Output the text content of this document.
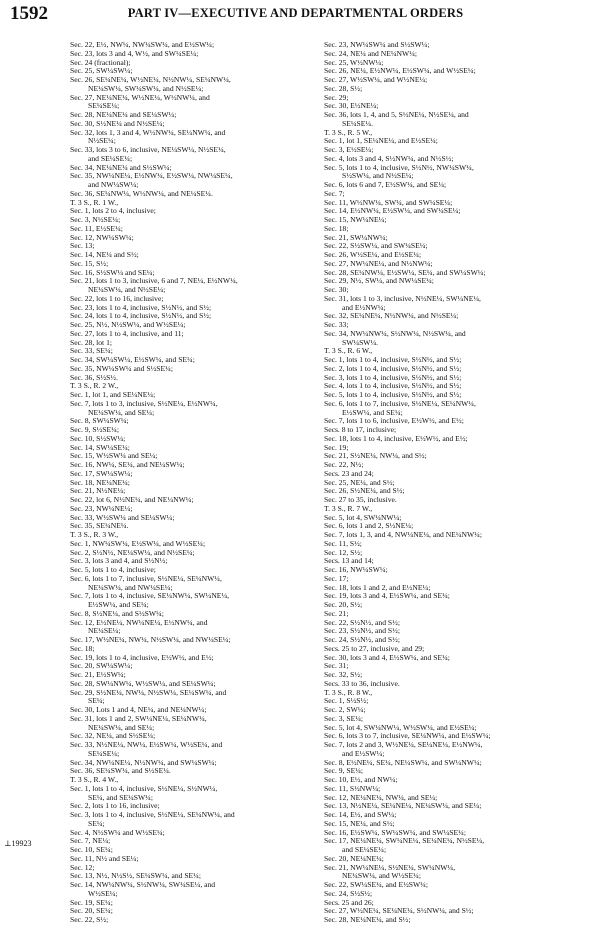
1592	PART IV—EXECUTIVE AND DEPARTMENTAL ORDERS
⊥19923
Sec. 22, E½, NW¼, NW¼SW¼, and E½SW¼;
Sec. 23, lots 3 and 4, W½, and SW¼SE¼;
Sec. 24 (fractional);
Sec. 25, SW¼SW¼;
Sec. 26, SE¼NE¼, W½NE¼, N½NW¼, SE¼NW¼,
NE¼SW¼, SW¼SW¼, and N½SE¼;
Sec. 27, NE¼NE¼, W½NE¼, W½NW¼, and
SE¼SE¼;
Sec. 28, NE¼NE¼ and SE¼SW¼;
Sec. 30, S½NE¼ and N½SE¼;
Sec. 32, lots 1, 3 and 4, W½NW¼, SE¼NW¼, and
N½SE¼;
Sec. 33, lots 3 to 6, inclusive, NE¼SW¼, N½SE¼,
and SE¼SE¼;
Sec. 34, NE¼NE¼ and S½SW¼;
Sec. 35, NW¼NE¼, E½NW¼, E½SW¼, NW¼SE¼,
and NW¼SW¼;
Sec. 36, SE¼NW¼, W½NW¼, and NE¼SE¼.
T. 3 S., R. 1 W.,
Sec. 1, lots 2 to 4, inclusive;
Sec. 3, N½SE¼;
Sec. 11, E½SE¼;
Sec. 12, NW¼SW¼;
Sec. 13;
Sec. 14, NE¼ and S½;
Sec. 15, S½;
Sec. 16, S½SW¼ and SE¼;
Sec. 21, lots 1 to 3, inclusive, 6 and 7, NE¼, E½NW¼,
NE¼SW¼, and N½SE¼;
Sec. 22, lots 1 to 16, inclusive;
Sec. 23, lots 1 to 4, inclusive, S½N½, and S½;
Sec. 24, lots 1 to 4, inclusive, S½N½, and S½;
Sec. 25, N½, N½SW¼, and W½SE¼;
Sec. 27, lots 1 to 4, inclusive, and 11;
Sec. 28, lot 1;
Sec. 33, SE¼;
Sec. 34, SW¼SW¼, E½SW¼, and SE¼;
Sec. 35, NW¼SW¼ and S½SE¼;
Sec. 36, S½S½.
T. 3 S., R. 2 W.,
Sec. 1, lot 1, and SE¼NE¼;
Sec. 7, lots 1 to 3, inclusive, S½NE¼, E½NW¼,
NE¼SW¼, and SE¼;
Sec. 8, SW¼SW¼;
Sec. 9, S½SE¼;
Sec. 10, S½SW¼;
Sec. 14, SW¼SE¼;
Sec. 15, W½SW¼ and SE¼;
Sec. 16, NW¼, SE¼, and NE¼SW¼;
Sec. 17, SW¼SW¼;
Sec. 18, NE¼NE¼;
Sec. 21, N½NE¼;
Sec. 22, lot 6, N½NE¼, and NE¼NW¼;
Sec. 23, NW¼NE¼;
Sec. 33, W½SW¼ and SE¼SW¼;
Sec. 35, SE¼NE¼.
T. 3 S., R. 3 W.,
Sec. 1, NW¼SW¼, E½SW¼, and W½SE¼;
Sec. 2, S½N½, NE¼SW¼, and N½SE¼;
Sec. 3, lots 3 and 4, and S½N½;
Sec. 5, lots 1 to 4, inclusive;
Sec. 6, lots 1 to 7, inclusive, S½NE¼, SE¼NW¼,
NE¼SW¼, and NW¼SE¼;
Sec. 7, lots 1 to 4, inclusive, SE¼NW¼, SW¼NE¼,
E½SW¼, and SE¼;
Sec. 8, S½NE¼, and S½SW¼;
Sec. 12, E½NE¼, NW¼NE¼, E½NW¼, and
NE¼SE¼;
Sec. 17, W½NE¼, NW¼, N½SW¼, and NW¼SE¼;
Sec. 18;
Sec. 19, lots 1 to 4, inclusive, E½W½, and E½;
Sec. 20, SW¼SW¼;
Sec. 21, E½SW¼;
Sec. 28, SW¼NW¼, W½SW¼, and SE¼SW¼;
Sec. 29, S½NE¼, NW¼, N½SW¼, SE¼SW¼, and
SE¼;
Sec. 30, Lots 1 and 4, NE¼, and NE¼NW¼;
Sec. 31, lots 1 and 2, SW¼NE¼, SE¼NW¼,
NE¼SW¼, and SE¼;
Sec. 32, NE¼, and S½SE¼;
Sec. 33, N½NE¼, NW¼, E½SW¼, W½SE¼, and
SE¼SE¼;
Sec. 34, NW¼NE¼, N½NW¼, and SW¼SW¼;
Sec. 36, SE¼SW¼, and S½SE¼.
T. 3 S., R. 4 W.,
Sec. 1, lots 1 to 4, inclusive, S½NE¼, S½NW¼,
SE¼, and SE¼SW¼;
Sec. 2, lots 1 to 16, inclusive;
Sec. 3, lots 1 to 4, inclusive, S½NE¼, SE¼NW¼, and
SE¼;
Sec. 4, N½SW¼ and W½SE¼;
Sec. 7, NE¼;
Sec. 10, SE¼;
Sec. 11, N½ and SE¼;
Sec. 12;
Sec. 13, N½, N½S½, SE¼SW¼, and SE¼;
Sec. 14, NW¼NW¼, S½NW¼, SW¼SE¼, and
W½SE¼;
Sec. 19, SE¼;
Sec. 20, SE¼;
Sec. 22, S½;
Sec. 23, NW¼SW¼ and S½SW¼;
Sec. 24, NE¼ and NE¼NW¼;
Sec. 25, W½NW¼;
Sec. 26, NE¼, E½NW¼, E½SW¼, and W½SE¼;
Sec. 27, W½SW¼, and W½NE¼;
Sec. 28, S½;
Sec. 29;
Sec. 30, E½NE¼;
Sec. 36, lots 1, 4, and 5, S½NE¼, N½SE¼, and
SE¼SE¼.
T. 3 S., R. 5 W.,
Sec. 1, lot 1, SE¼NE¼, and E½SE¼;
Sec. 3, E½SE¼;
Sec. 4, lots 3 and 4, S½NW¼, and N½S½;
Sec. 5, lots 1 to 4, inclusive, S½N½, NW¼SW¼,
S½SW¼, and N½SE¼;
Sec. 6, lots 6 and 7, E½SW¼, and SE¼;
Sec. 7;
Sec. 11, W½NW¼, SW¼, and SW¼SE¼;
Sec. 14, E½NW¼, E½SW¼, and SW¼SE¼;
Sec. 15, NW¼NE¼;
Sec. 18;
Sec. 21, SW¼NW¼;
Sec. 22, S½SW¼, and SW¼SE¼;
Sec. 26, W½SE¼, and E½SE¼;
Sec. 27, NW¼NE¼, and N½NW¼;
Sec. 28, SE¼NW¼, E½SW¼, SE¼, and SW¼SW¼;
Sec. 29, N½, SW¼, and NW¼SE¼;
Sec. 30;
Sec. 31, lots 1 to 3, inclusive, N½NE¼, SW¼NE¼,
and E½NW¼;
Sec. 32, SE¼NE¼, N½NW¼, and N½SE¼;
Sec. 33;
Sec. 34, NW¼NW¼, S½NW¼, N½SW¼, and
SW¼SW¼.
T. 3 S., R. 6 W.,
Sec. 1, lots 1 to 4, inclusive, S½N½, and S½;
Sec. 2, lots 1 to 4, inclusive, S½N½, and S½;
Sec. 3, lots 1 to 4, inclusive, S½N½, and S½;
Sec. 4, lots 1 to 4, inclusive, S½N½, and S½;
Sec. 5, lots 1 to 4, inclusive, S½N½, and S½;
Sec. 6, lots 1 to 7, inclusive, S½NE¼, SE¼NW¼,
E½SW¼, and SE¼;
Sec. 7, lots 1 to 6, inclusive, E½W½, and E½;
Secs. 8 to 17, inclusive;
Sec. 18, lots 1 to 4, inclusive, E½W½, and E½;
Sec. 19;
Sec. 21, S½NE¼, NW¼, and S½;
Sec. 22, N½;
Secs. 23 and 24;
Sec. 25, NE¼, and S½;
Sec. 26, S½NE¼, and S½;
Sec. 27 to 35, inclusive.
T. 3 S., R. 7 W.,
Sec. 5, lot 4, SW¼NW¼;
Sec. 6, lots 1 and 2, S½NE¼;
Sec. 7, lots 1, 3, and 4, NW¼NE¼, and NE¼NW¼;
Sec. 11, S½;
Sec. 12, S½;
Secs. 13 and 14;
Sec. 16, NW¼SW¼;
Sec. 17;
Sec. 18, lots 1 and 2, and E½NE¼;
Sec. 19, lots 3 and 4, E½SW¼, and SE¼;
Sec. 20, S½;
Sec. 21;
Sec. 22, S½N½, and S½;
Sec. 23, S½N½, and S½;
Sec. 24, S½N½, and S½;
Secs. 25 to 27, inclusive, and 29;
Sec. 30, lots 3 and 4, E½SW¼, and SE¼;
Sec. 31;
Sec. 32, S½;
Secs. 33 to 36, inclusive.
T. 3 S., R. 8 W.,
Sec. 1, S½S½;
Sec. 2, SW¼;
Sec. 3, SE¼;
Sec. 5, lot 4, SW¼NW¼, W½SW¼, and E½SE¼;
Sec. 6, lots 3 to 7, inclusive, SE¼NW¼, and E½SW¼;
Sec. 7, lots 2 and 3, W½NE¼, SE¼NE¼, E½NW¼,
and E½SW¼;
Sec. 8, E½NE¼, SE¼, NE¼SW¼, and SW¼NW¼;
Sec. 9, SE¼;
Sec. 10, E½, and NW¼;
Sec. 11, S½NW¼;
Sec. 12, NE¼NE¼, NW¼, and SE¼;
Sec. 13, N½NE¼, SE¼NE¼, NE¼SW¼, and SE¼;
Sec. 14, E½, and SW¼;
Sec. 15, NE¼, and S½;
Sec. 16, E½SW¼, SW¼SW¼, and SW¼SE¼;
Sec. 17, NE¼NE¼, SW¼NE¼, SE¼NE¼, N½SE¼,
and SE¼SE¼;
Sec. 20, NE¼NE¼;
Sec. 21, NW¼NE¼, S½NE¼, SW¼NW¼,
NE¼SW¼, and W½SE¼;
Sec. 22, SW¼SE¼, and E½SW¼;
Sec. 24, S½S½;
Secs. 25 and 26;
Sec. 27, W½NE¼, SE¼NE¼, S½NW¼, and S½;
Sec. 28, NE¼NE¼, and S½;
